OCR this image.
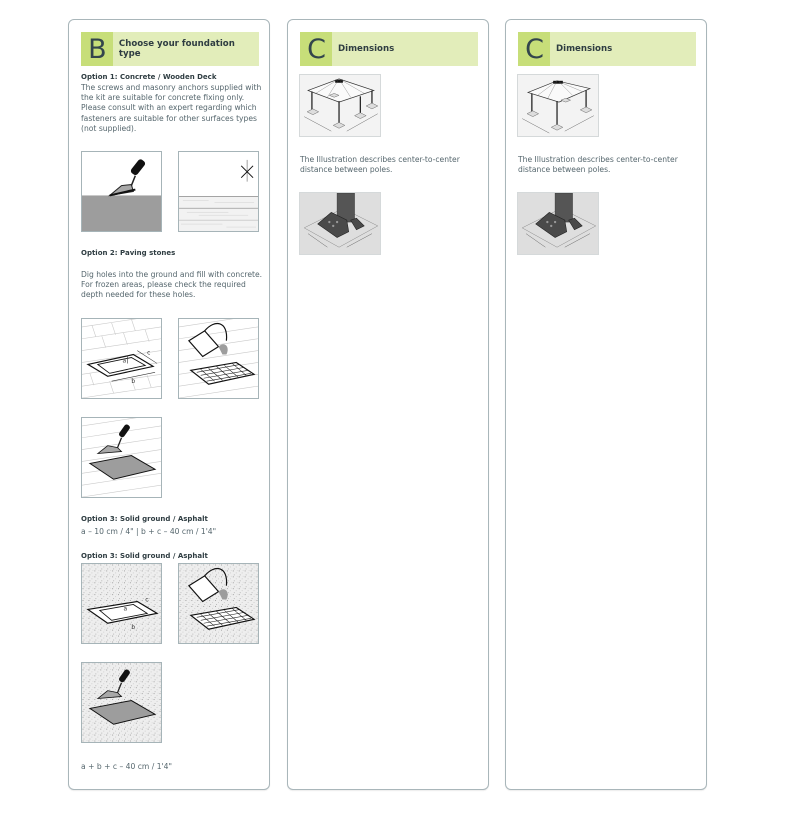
B	Choose your foundation type
Option 1: Concrete / Wooden Deck
The screws and masonry anchors supplied with the kit are suitable for concrete fixing only. Please consult with an expert regarding which fasteners are suitable for other surfaces types (not supplied).
Option 2: Paving stones
Dig holes into the ground and fill with concrete. For frozen areas, please check the required depth needed for these holes.
a
c
b
Option 3: Solid ground / Asphalt
a – 10 cm / 4" | b + c – 40 cm / 1'4"
Option 3: Solid ground / Asphalt
a
c
b
a + b + c – 40 cm / 1'4"
C	Dimensions
The Illustration describes center-to-center distance between poles.
C	Dimensions
The Illustration describes center-to-center distance between poles.
